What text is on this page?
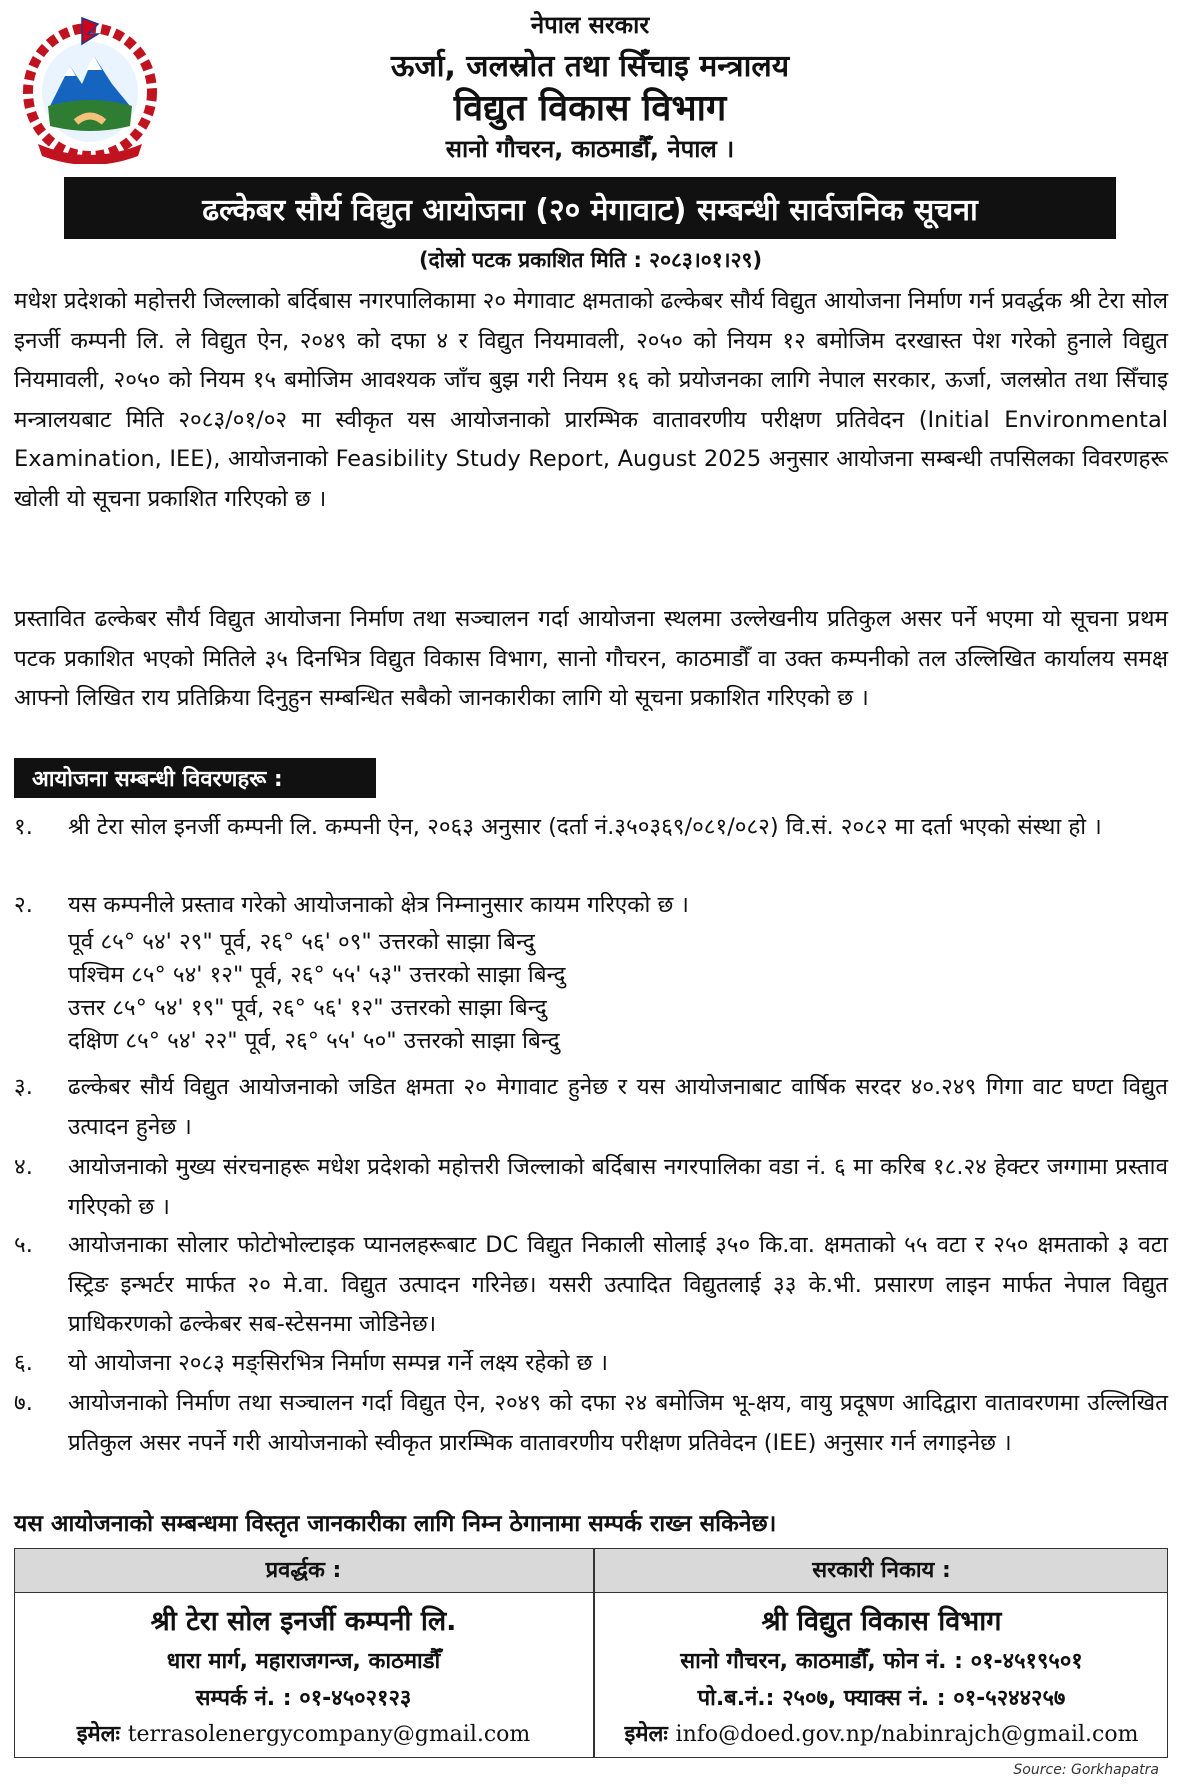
नेपाल सरकार
ऊर्जा, जलस्रोत तथा सिँचाइ मन्त्रालय
विद्युत विकास विभाग
सानो गौचरन, काठमाडौँ, नेपाल ।
ढल्केबर सौर्य विद्युत आयोजना (२० मेगावाट) सम्बन्धी सार्वजनिक सूचना
(दोस्रो पटक प्रकाशित मिति : २०८३।०१।२९)

मधेश प्रदेशको महोत्तरी जिल्लाको बर्दिबास नगरपालिकामा २० मेगावाट क्षमताको ढल्केबर सौर्य विद्युत आयोजना निर्माण गर्न प्रवर्द्धक श्री टेरा सोल इनर्जी कम्पनी लि. ले विद्युत ऐन, २०४९ को दफा ४ र विद्युत नियमावली, २०५० को नियम १२ बमोजिम दरखास्त पेश गरेको हुनाले विद्युत नियमावली, २०५० को नियम १५ बमोजिम आवश्यक जाँच बुझ गरी नियम १६ को प्रयोजनका लागि नेपाल सरकार, ऊर्जा, जलस्रोत तथा सिँचाइ मन्त्रालयबाट मिति २०८३/०१/०२ मा स्वीकृत यस आयोजनाको प्रारम्भिक वातावरणीय परीक्षण प्रतिवेदन (Initial Environmental Examination, IEE), आयोजनाको Feasibility Study Report, August 2025 अनुसार आयोजना सम्बन्धी तपसिलका विवरणहरू खोली यो सूचना प्रकाशित गरिएको छ ।

प्रस्तावित ढल्केबर सौर्य विद्युत आयोजना निर्माण तथा सञ्चालन गर्दा आयोजना स्थलमा उल्लेखनीय प्रतिकुल असर पर्ने भएमा यो सूचना प्रथम पटक प्रकाशित भएको मितिले ३५ दिनभित्र विद्युत विकास विभाग, सानो गौचरन, काठमाडौँ वा उक्त कम्पनीको तल उल्लिखित कार्यालय समक्ष आफ्नो लिखित राय प्रतिक्रिया दिनुहुन सम्बन्धित सबैको जानकारीका लागि यो सूचना प्रकाशित गरिएको छ ।

आयोजना सम्बन्धी विवरणहरू :
१.	श्री टेरा सोल इनर्जी कम्पनी लि. कम्पनी ऐन, २०६३ अनुसार (दर्ता नं.३५०३६९/०८१/०८२) वि.सं. २०८२ मा दर्ता भएको संस्था हो ।
२.	यस कम्पनीले प्रस्ताव गरेको आयोजनाको क्षेत्र निम्नानुसार कायम गरिएको छ ।
पूर्व ८५° ५४' २९" पूर्व, २६° ५६' ०९" उत्तरको साझा बिन्दु
पश्चिम ८५° ५४' १२" पूर्व, २६° ५५' ५३" उत्तरको साझा बिन्दु
उत्तर ८५° ५४' १९" पूर्व, २६° ५६' १२" उत्तरको साझा बिन्दु
दक्षिण ८५° ५४' २२" पूर्व, २६° ५५' ५०" उत्तरको साझा बिन्दु
३.	ढल्केबर सौर्य विद्युत आयोजनाको जडित क्षमता २० मेगावाट हुनेछ र यस आयोजनाबाट वार्षिक सरदर ४०.२४९ गिगा वाट घण्टा विद्युत उत्पादन हुनेछ ।
४.	आयोजनाको मुख्य संरचनाहरू मधेश प्रदेशको महोत्तरी जिल्लाको बर्दिबास नगरपालिका वडा नं. ६ मा करिब १८.२४ हेक्टर जग्गामा प्रस्ताव गरिएको छ ।
५.	आयोजनाका सोलार फोटोभोल्टाइक प्यानलहरूबाट DC विद्युत निकाली सोलाई ३५० कि.वा. क्षमताको ५५ वटा र २५० क्षमताको ३ वटा स्ट्रिङ इन्भर्टर मार्फत २० मे.वा. विद्युत उत्पादन गरिनेछ। यसरी उत्पादित विद्युतलाई ३३ के.भी. प्रसारण लाइन मार्फत नेपाल विद्युत प्राधिकरणको ढल्केबर सब-स्टेसनमा जोडिनेछ।
६.	यो आयोजना २०८३ मङ्सिरभित्र निर्माण सम्पन्न गर्ने लक्ष्य रहेको छ ।
७.	आयोजनाको निर्माण तथा सञ्चालन गर्दा विद्युत ऐन, २०४९ को दफा २४ बमोजिम भू-क्षय, वायु प्रदूषण आदिद्वारा वातावरणमा उल्लिखित प्रतिकुल असर नपर्ने गरी आयोजनाको स्वीकृत प्रारम्भिक वातावरणीय परीक्षण प्रतिवेदन (IEE) अनुसार गर्न लगाइनेछ ।
यस आयोजनाको सम्बन्धमा विस्तृत जानकारीका लागि निम्न ठेगानामा सम्पर्क राख्न सकिनेछ।
प्रवर्द्धक :
श्री टेरा सोल इनर्जी कम्पनी लि.
धारा मार्ग, महाराजगन्ज, काठमाडौँ
सम्पर्क नं. : ०१-४५०२१२३
इमेलः terrasolenergycompany@gmail.com
सरकारी निकाय :
श्री विद्युत विकास विभाग
सानो गौचरन, काठमाडौँ, फोन नं. : ०१-४५१९५०१
पो.ब.नं.: २५०७, फ्याक्स नं. : ०१-५२४४२५७
इमेलः info@doed.gov.np/nabinrajch@gmail.com
Source: Gorkhapatra
